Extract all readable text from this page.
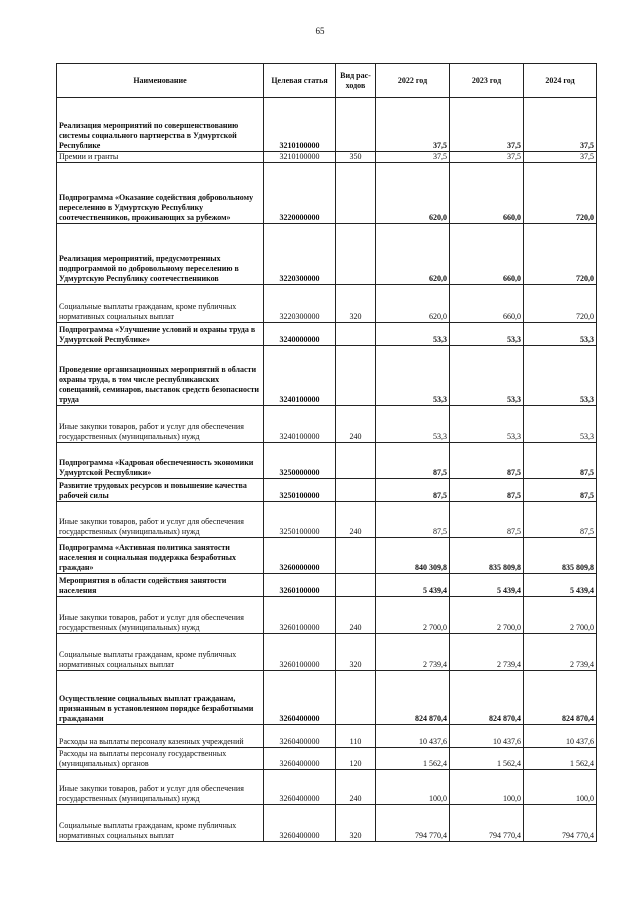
65
Наименование	Целевая статья	Вид рас-ходов	2022 год	2023 год	2024 год
Реализация мероприятий по совершенствованию системы социального партнерства в Удмуртской Республике	3210100000		37,5	37,5	37,5
Премии и гранты	3210100000	350	37,5	37,5	37,5
Подпрограмма «Оказание содействия добровольному переселению в Удмуртскую Республику соотечественников, проживающих за рубежом»	3220000000		620,0	660,0	720,0
Реализация мероприятий, предусмотренных подпрограммой по добровольному переселению в Удмуртскую Республику соотечественников	3220300000		620,0	660,0	720,0
Социальные выплаты гражданам, кроме публичных нормативных социальных выплат	3220300000	320	620,0	660,0	720,0
Подпрограмма «Улучшение условий и охраны труда в Удмуртской Республике»	3240000000		53,3	53,3	53,3
Проведение организационных мероприятий в области охраны труда, в том числе республиканских совещаний, семинаров, выставок средств безопасности труда	3240100000		53,3	53,3	53,3
Иные закупки товаров, работ и услуг для обеспечения государственных (муниципальных) нужд	3240100000	240	53,3	53,3	53,3
Подпрограмма «Кадровая обеспеченность экономики Удмуртской Республики»	3250000000		87,5	87,5	87,5
Развитие трудовых ресурсов и повышение качества рабочей силы	3250100000		87,5	87,5	87,5
Иные закупки товаров, работ и услуг для обеспечения государственных (муниципальных) нужд	3250100000	240	87,5	87,5	87,5
Подпрограмма «Активная политика занятости населения и социальная поддержка безработных граждан»	3260000000		840 309,8	835 809,8	835 809,8
Мероприятия в области содействия занятости населения	3260100000		5 439,4	5 439,4	5 439,4
Иные закупки товаров, работ и услуг для обеспечения государственных (муниципальных) нужд	3260100000	240	2 700,0	2 700,0	2 700,0
Социальные выплаты гражданам, кроме публичных нормативных социальных выплат	3260100000	320	2 739,4	2 739,4	2 739,4
Осуществление социальных выплат гражданам, признанным в установленном порядке безработными гражданами	3260400000		824 870,4	824 870,4	824 870,4
Расходы на выплаты персоналу казенных учреждений	3260400000	110	10 437,6	10 437,6	10 437,6
Расходы на выплаты персоналу государственных (муниципальных) органов	3260400000	120	1 562,4	1 562,4	1 562,4
Иные закупки товаров, работ и услуг для обеспечения государственных (муниципальных) нужд	3260400000	240	100,0	100,0	100,0
Социальные выплаты гражданам, кроме публичных нормативных социальных выплат	3260400000	320	794 770,4	794 770,4	794 770,4
